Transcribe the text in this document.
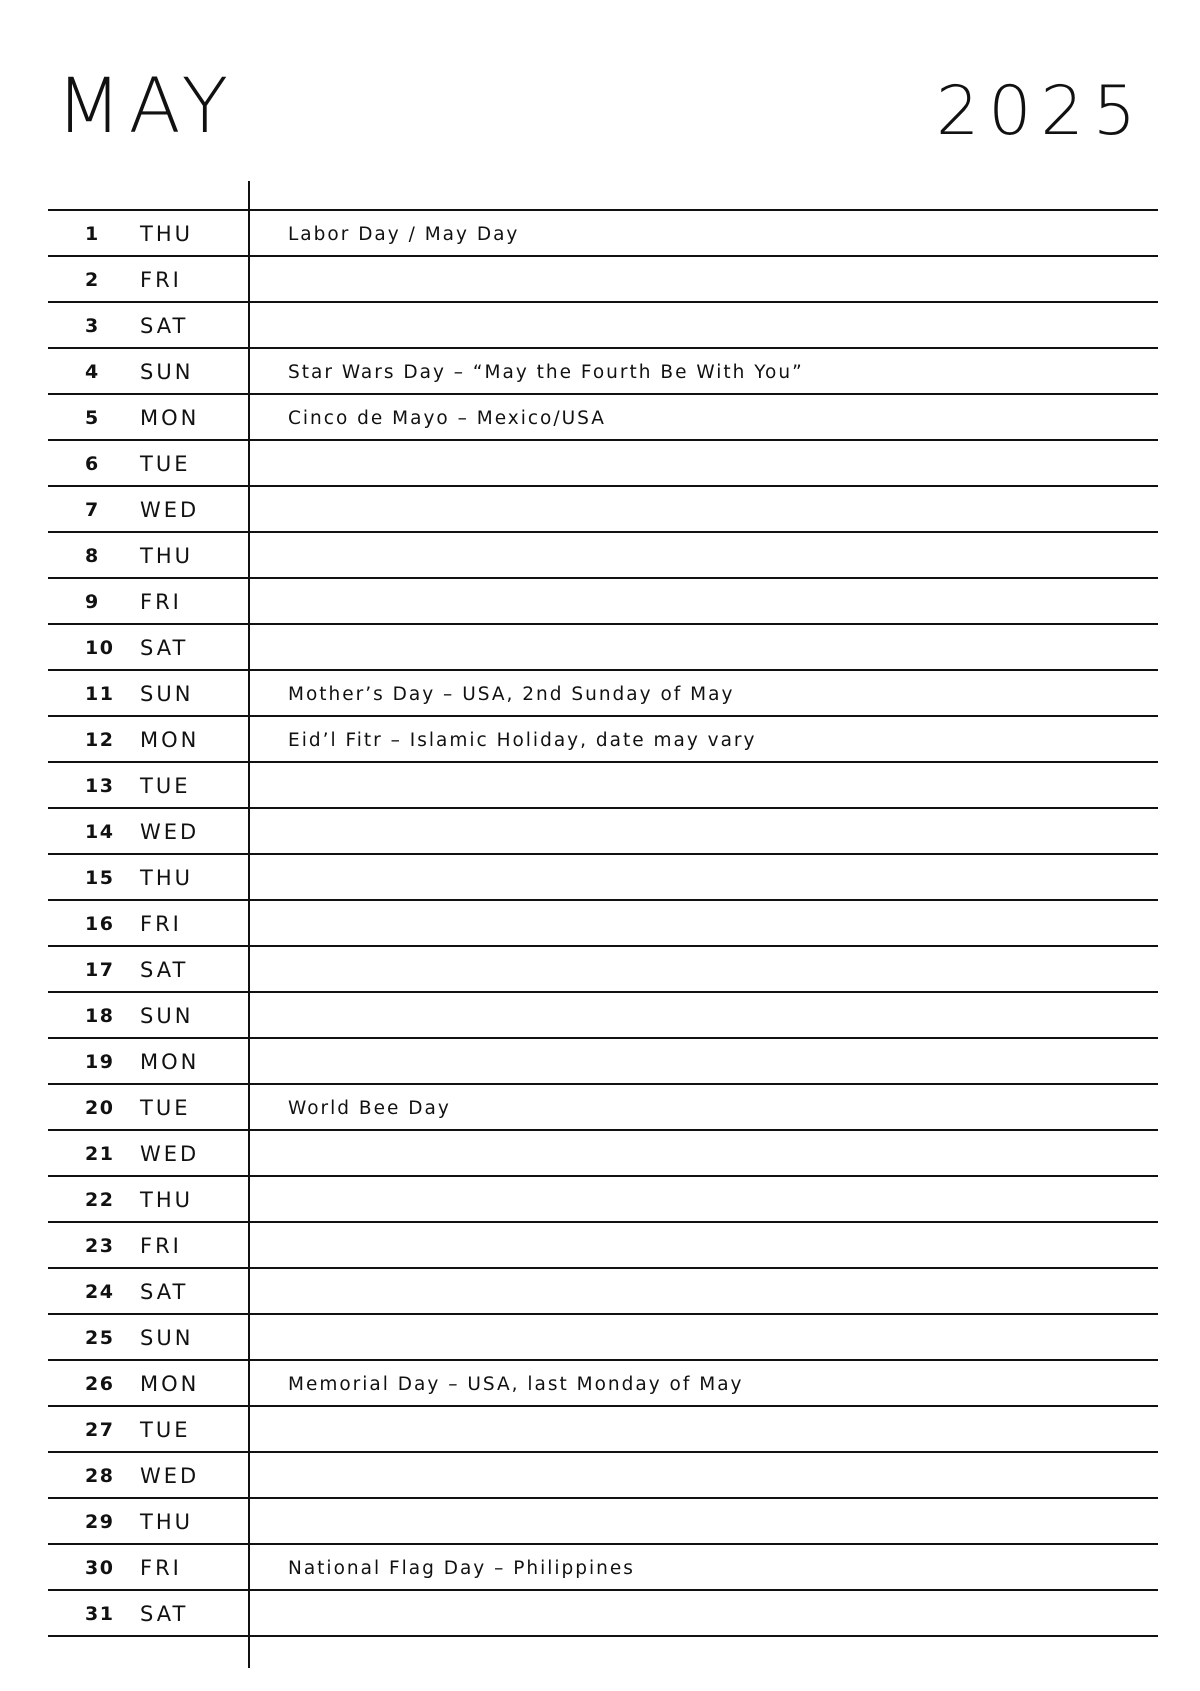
MAY	2025
1 THU	Labor Day / May Day
2 FRI
3 SAT
4 SUN	Star Wars Day – “May the Fourth Be With You”
5 MON	Cinco de Mayo – Mexico/USA
6 TUE
7 WED
8 THU
9 FRI
10 SAT
11 SUN	Mother’s Day – USA, 2nd Sunday of May
12 MON	Eid’l Fitr – Islamic Holiday, date may vary
13 TUE
14 WED
15 THU
16 FRI
17 SAT
18 SUN
19 MON
20 TUE	World Bee Day
21 WED
22 THU
23 FRI
24 SAT
25 SUN
26 MON	Memorial Day – USA, last Monday of May
27 TUE
28 WED
29 THU
30 FRI	National Flag Day – Philippines
31 SAT
